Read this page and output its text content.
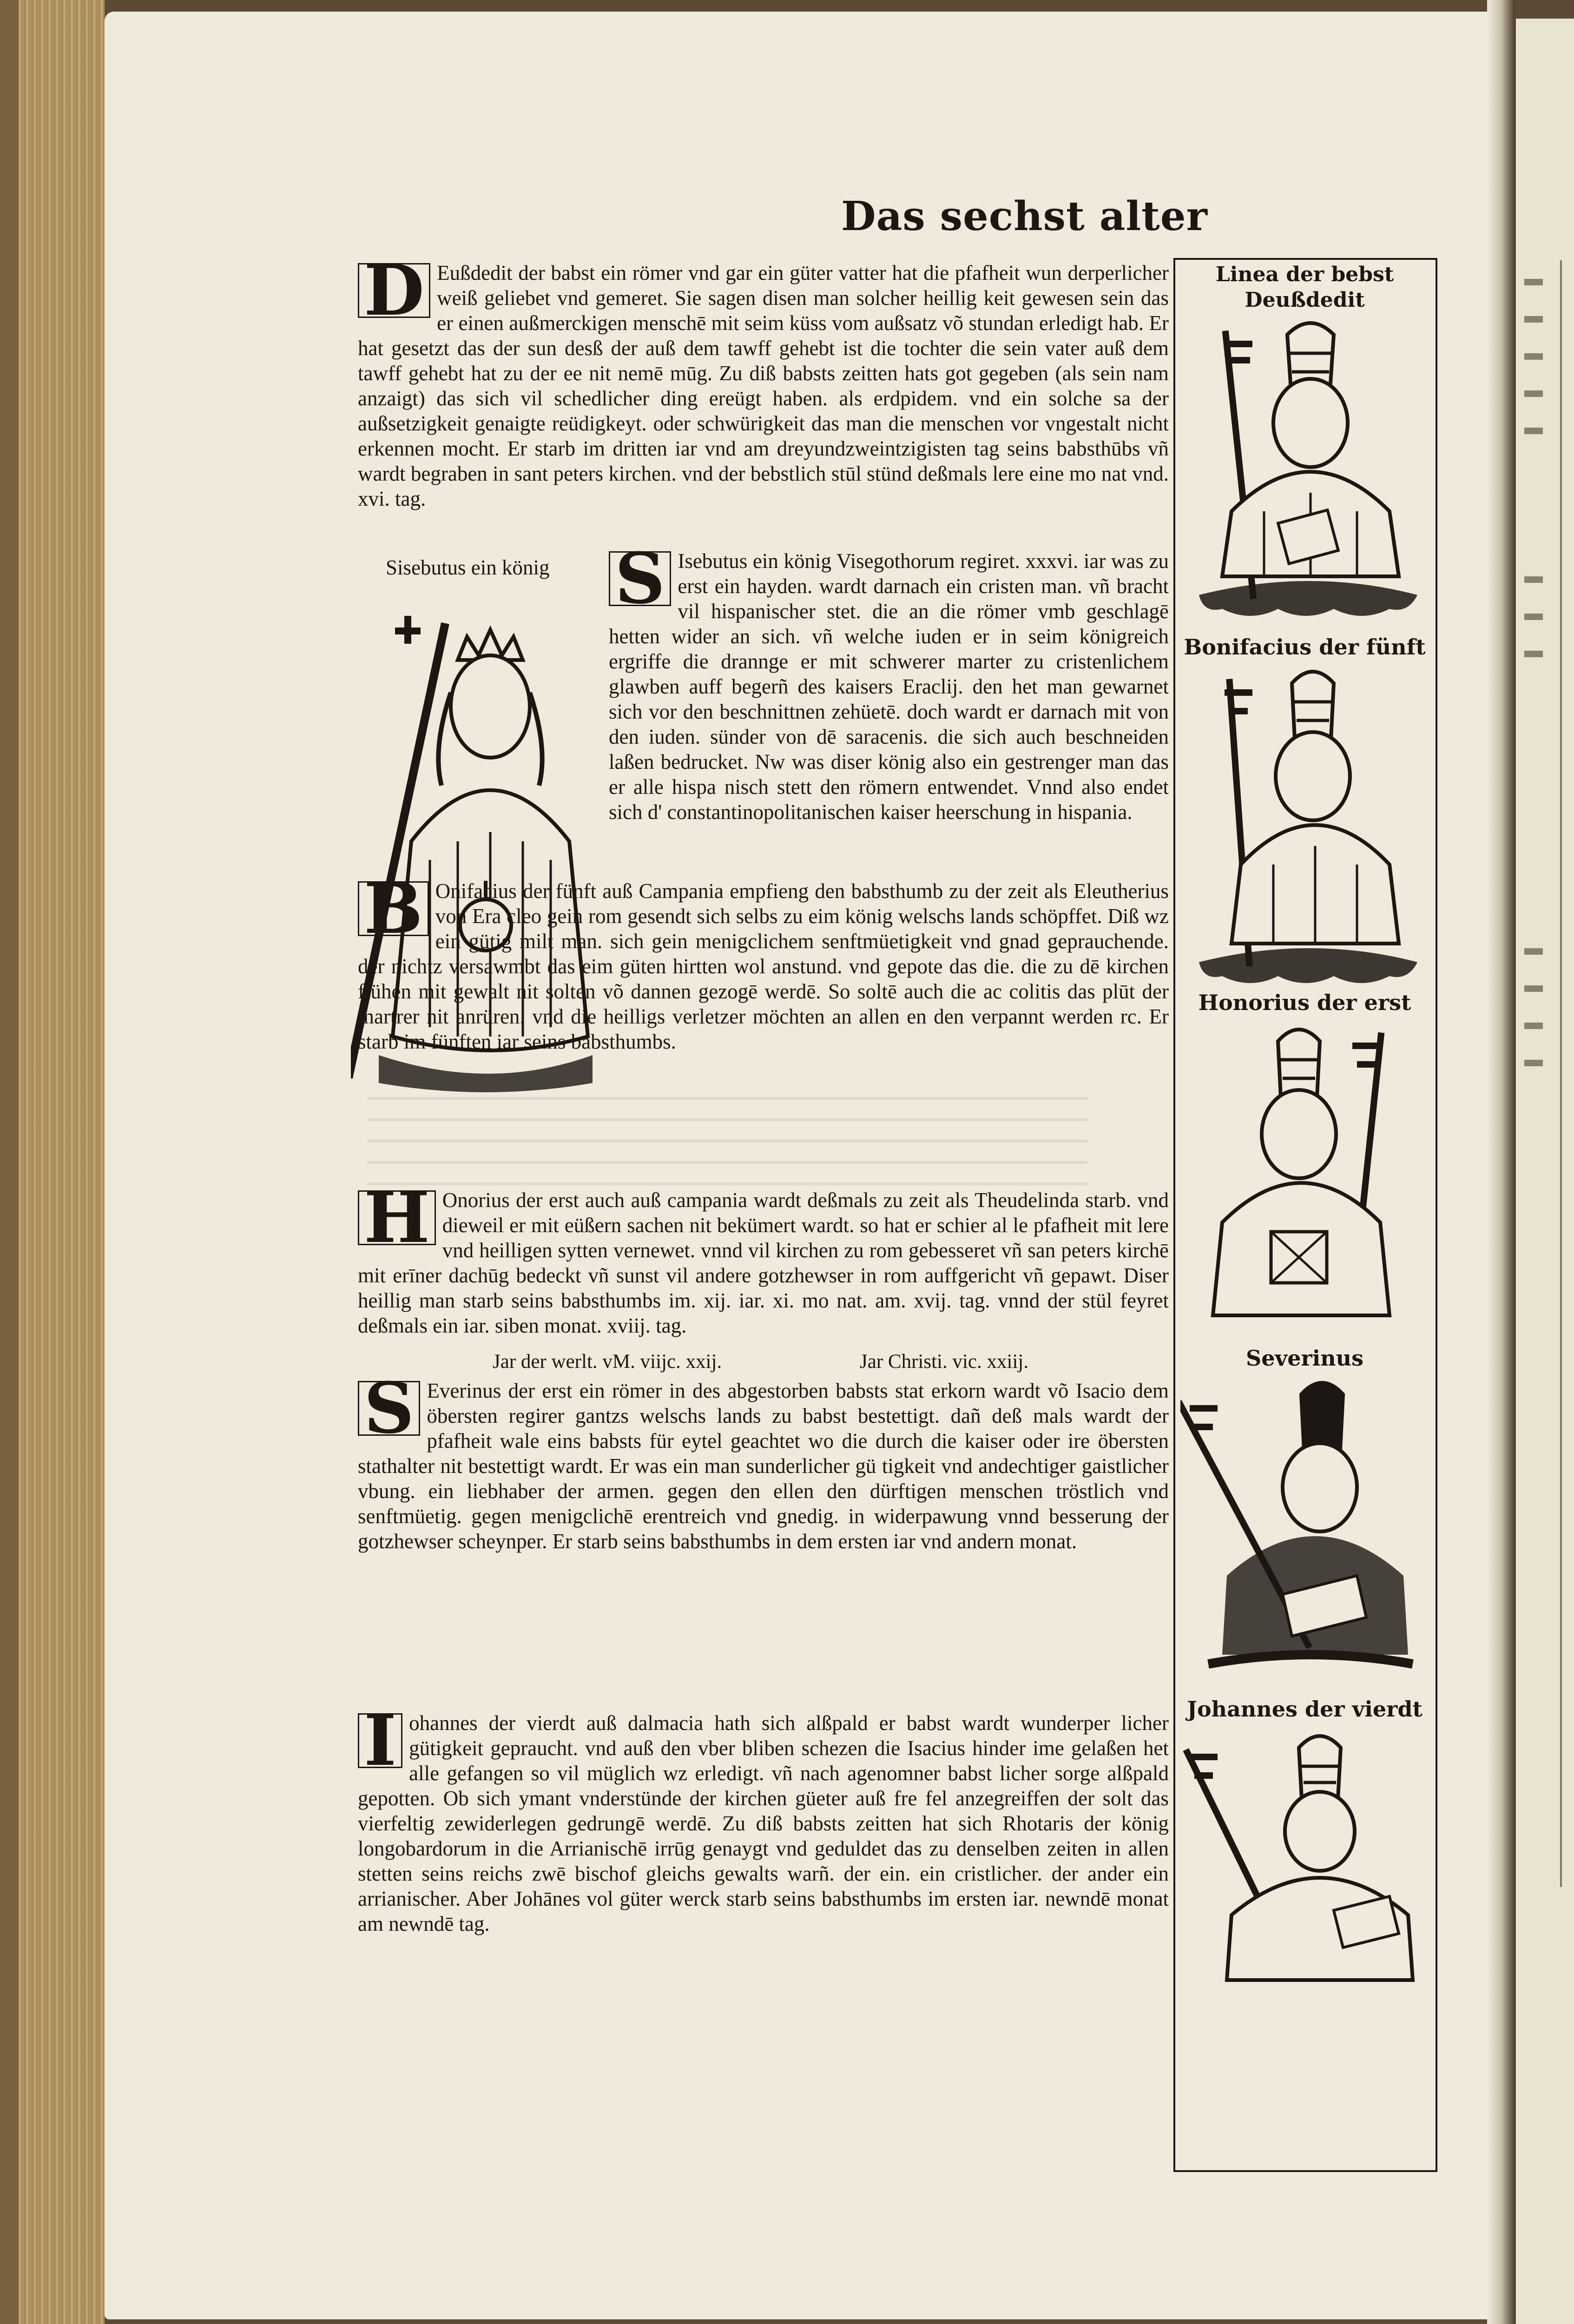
Das sechst alter
D Eußdedit der babst ein römer vnd gar ein güter vatter hat die pfafheit wun derperlicher weiß geliebet vnd gemeret. Sie sagen disen man solcher heillig keit gewesen sein das er einen außmerckigen menschē mit seim küss vom außsatz võ stundan erledigt hab. Er hat gesetzt das der sun desß der auß dem tawff gehebt ist die tochter die sein vater auß dem tawff gehebt hat zu der ee nit nemē mūg. Zu diß babsts zeitten hats got gegeben (als sein nam anzaigt) das sich vil schedlicher ding ereügt haben. als erdpidem. vnd ein solche sa der außsetzigkeit genaigte reüdigkeyt. oder schwürigkeit das man die menschen vor vngestalt nicht erkennen mocht. Er starb im dritten iar vnd am dreyundzweintzigisten tag seins babsthūbs vñ wardt begraben in sant peters kirchen. vnd der bebstlich stūl stünd deßmals lere eine mo nat vnd. xvi. tag.

Sisebutus ein könig S Isebutus ein könig Visegothorum regiret. xxxvi. iar was zu erst ein hayden. wardt darnach ein cristen man. vñ bracht vil hispanischer stet. die an die römer vmb geschlagē hetten wider an sich. vñ welche iuden er in seim königreich ergriffe die drannge er mit schwerer marter zu cristenlichem glawben auff begerñ des kaisers Eraclij. den het man gewarnet sich vor den beschnittnen zehüetē. doch wardt er darnach mit von den iuden. sünder von dē saracenis. die sich auch beschneiden laßen bedrucket. Nw was diser könig also ein gestrenger man das er alle hispa nisch stett den römern entwendet. Vnnd also endet sich d' constantinopolitanischen kaiser heerschung in hispania.

B Onifacius der fünft auß Campania empfieng den babsthumb zu der zeit als Eleutherius von Era cleo gein rom gesendt sich selbs zu eim könig welschs lands schöpffet. Diß wz ein gütig milt man. sich gein menigclichem senftmüetigkeit vnd gnad geprauchende. der nichtz versawmbt das eim güten hirtten wol anstund. vnd gepote das die. die zu dē kirchen flühen mit gewalt nit solten võ dannen gezogē werdē. So soltē auch die ac colitis das plūt der martrer nit anrüren. vnd die heilligs verletzer möchten an allen en den verpannt werden rc. Er starb im fünften iar seins babsthumbs.

H Onorius der erst auch auß campania wardt deßmals zu zeit als Theudelinda starb. vnd dieweil er mit eüßern sachen nit bekümert wardt. so hat er schier al le pfafheit mit lere vnd heilligen sytten vernewet. vnnd vil kirchen zu rom gebesseret vñ san peters kirchē mit erīner dachūg bedeckt vñ sunst vil andere gotzhewser in rom auffgericht vñ gepawt. Diser heillig man starb seins babsthumbs im. xij. iar. xi. mo nat. am. xvij. tag. vnnd der stül feyret deßmals ein iar. siben monat. xviij. tag.

Jar der werlt. vM. viijc. xxij.	Jar Christi. vic. xxiij.
S Everinus der erst ein römer in des abgestorben babsts stat erkorn wardt võ Isacio dem öbersten regirer gantzs welschs lands zu babst bestettigt. dañ deß mals wardt der pfafheit wale eins babsts für eytel geachtet wo die durch die kaiser oder ire öbersten stathalter nit bestettigt wardt. Er was ein man sunderlicher gü tigkeit vnd andechtiger gaistlicher vbung. ein liebhaber der armen. gegen den ellen den dürftigen menschen tröstlich vnd senftmüetig. gegen menigclichē erentreich vnd gnedig. in widerpawung vnnd besserung der gotzhewser scheynper. Er starb seins babsthumbs in dem ersten iar vnd andern monat.

I ohannes der vierdt auß dalmacia hath sich alßpald er babst wardt wunderper licher gütigkeit gepraucht. vnd auß den vber bliben schezen die Isacius hinder ime gelaßen het alle gefangen so vil müglich wz erledigt. vñ nach agenomner babst licher sorge alßpald gepotten. Ob sich ymant vnderstünde der kirchen güeter auß fre fel anzegreiffen der solt das vierfeltig zewiderlegen gedrungē werdē. Zu diß babsts zeitten hat sich Rhotaris der könig longobardorum in die Arrianischē irrūg genaygt vnd geduldet das zu denselben zeiten in allen stetten seins reichs zwē bischof gleichs gewalts warñ. der ein. ein cristlicher. der ander ein arrianischer. Aber Johānes vol güter werck starb seins babsthumbs im ersten iar. newndē monat am newndē tag.

Linea der bebst
Deußdedit
Bonifacius der fünft
Honorius der erst
Severinus
Johannes der vierdt
